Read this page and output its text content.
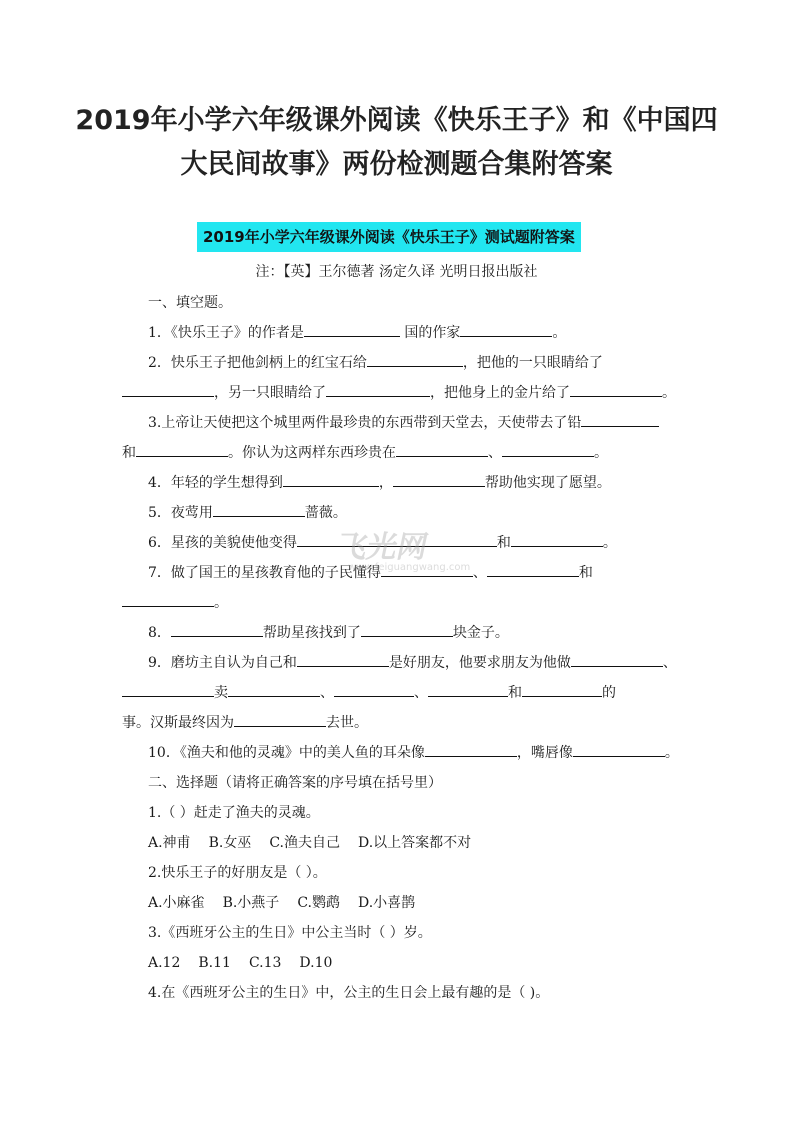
2019年小学六年级课外阅读《快乐王子》和《中国四
大民间故事》两份检测题合集附答案
2019年小学六年级课外阅读《快乐王子》测试题附答案
注：【英】王尔德著 汤定久译 光明日报出版社
一、填空题。
1．《快乐王子》的作者是	国的作家	。
2．快乐王子把他剑柄上的红宝石给	，把他的一只眼睛给了
，另一只眼睛给了	，把他身上的金片给了	。
3.上帝让天使把这个城里两件最珍贵的东西带到天堂去，天使带去了铅
和	。你认为这两样东西珍贵在	、	。
4．年轻的学生想得到	，	帮助他实现了愿望。
5．夜莺用	蔷薇。
6．星孩的美貌使他变得	和	。
7．做了国王的星孩教育他的子民懂得	、	和
。
8．	帮助星孩找到了	块金子。
9．磨坊主自认为自己和	是好朋友，他要求朋友为他做	、
卖	、	、	和	的
事。汉斯最终因为	去世。
10．《渔夫和他的灵魂》中的美人鱼的耳朵像	，嘴唇像	。
二、选择题（请将正确答案的序号填在括号里）
1.（ ）赶走了渔夫的灵魂。
A.神甫 B.女巫 C.渔夫自己 D.以上答案都不对
2.快乐王子的好朋友是（ ）。
A.小麻雀 B.小燕子 C.鹦鹉 D.小喜鹊
3.《西班牙公主的生日》中公主当时（ ）岁。
A.12 B.11 C.13 D.10
4.在《西班牙公主的生日》中，公主的生日会上最有趣的是（ )。
飞光网
www.feiguangwang.com
